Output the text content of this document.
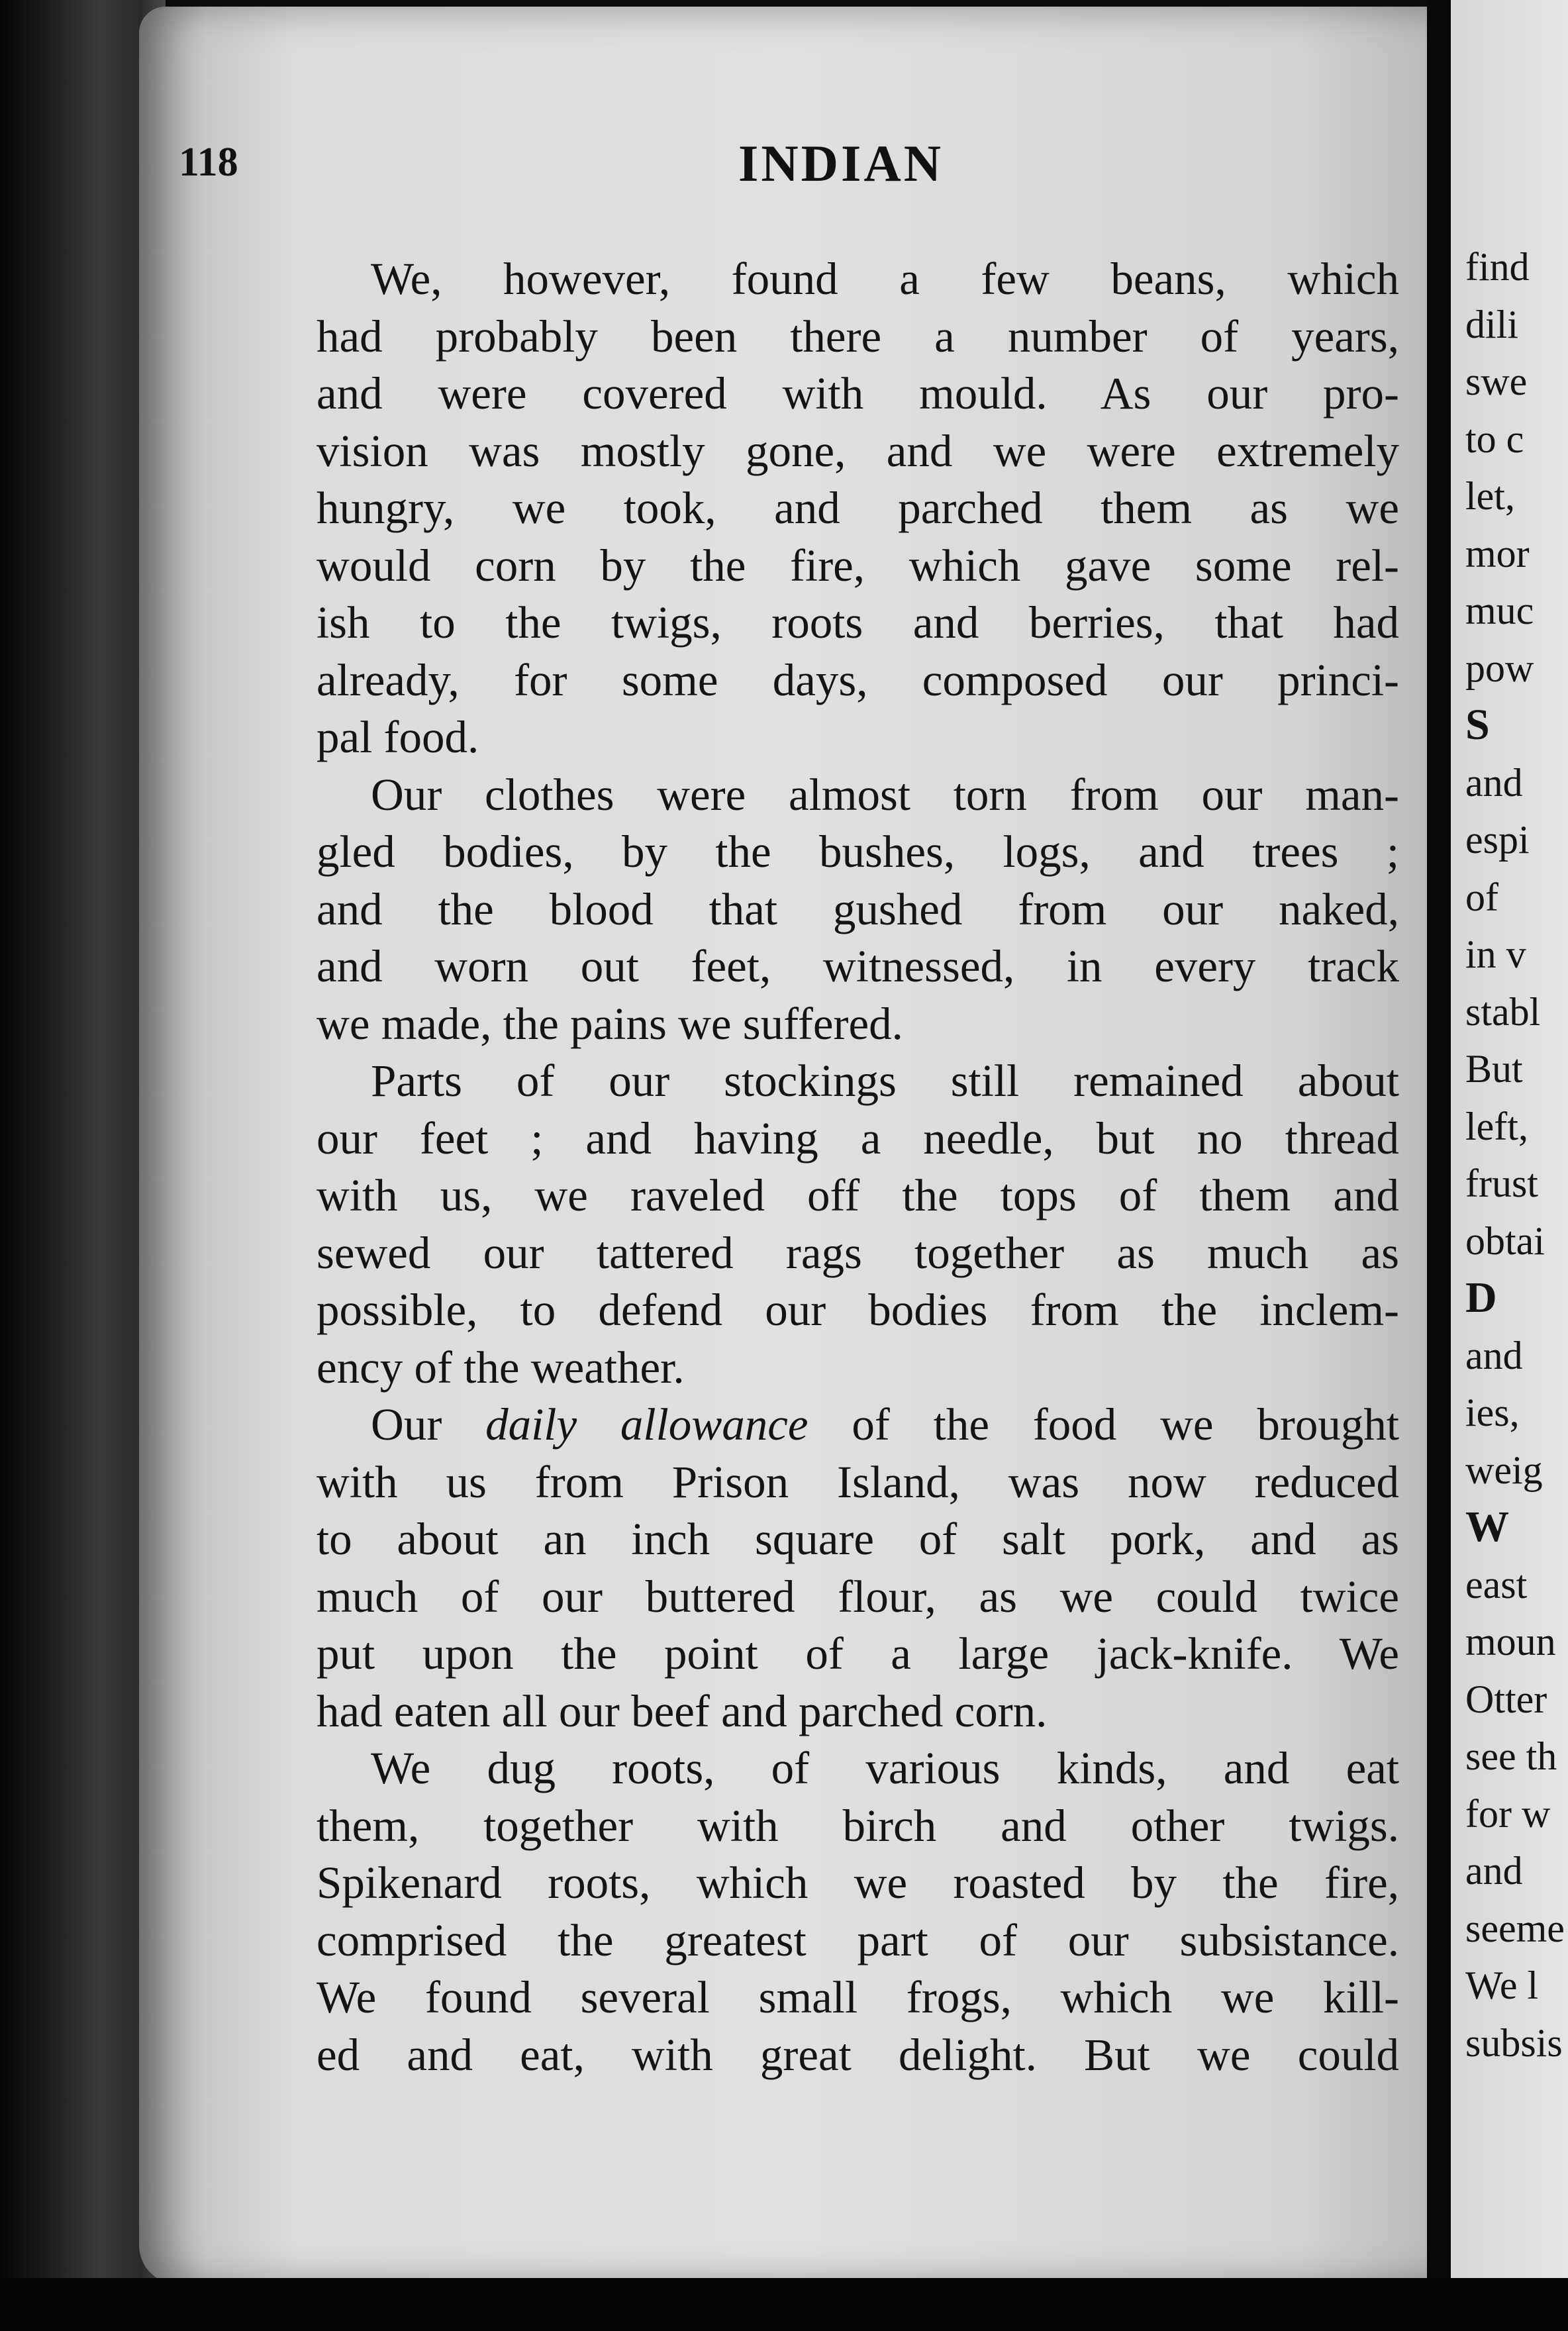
118	INDIAN
We, however, found a few beans, which
had probably been there a number of years,
and were covered with mould. As our pro-
vision was mostly gone, and we were extremely
hungry, we took, and parched them as we
would corn by the fire, which gave some rel-
ish to the twigs, roots and berries, that had
already, for some days, composed our princi-
pal food.
Our clothes were almost torn from our man-
gled bodies, by the bushes, logs, and trees ;
and the blood that gushed from our naked,
and worn out feet, witnessed, in every track
we made, the pains we suffered.
Parts of our stockings still remained about
our feet ; and having a needle, but no thread
with us, we raveled off the tops of them and
sewed our tattered rags together as much as
possible, to defend our bodies from the inclem-
ency of the weather.
Our daily allowance of the food we brought
with us from Prison Island, was now reduced
to about an inch square of salt pork, and as
much of our buttered flour, as we could twice
put upon the point of a large jack-knife. We
had eaten all our beef and parched corn.
We dug roots, of various kinds, and eat
them, together with birch and other twigs.
Spikenard roots, which we roasted by the fire,
comprised the greatest part of our subsistance.
We found several small frogs, which we kill-
ed and eat, with great delight. But we could
find
dili
swe
to c
let,
mor
muc
pow
S
and
espi
of
in v
stabl
But
left,
frust
obtai
D
and
ies,
weig
W
east
moun
Otter
see th
for w
and
seeme
We l
subsis
